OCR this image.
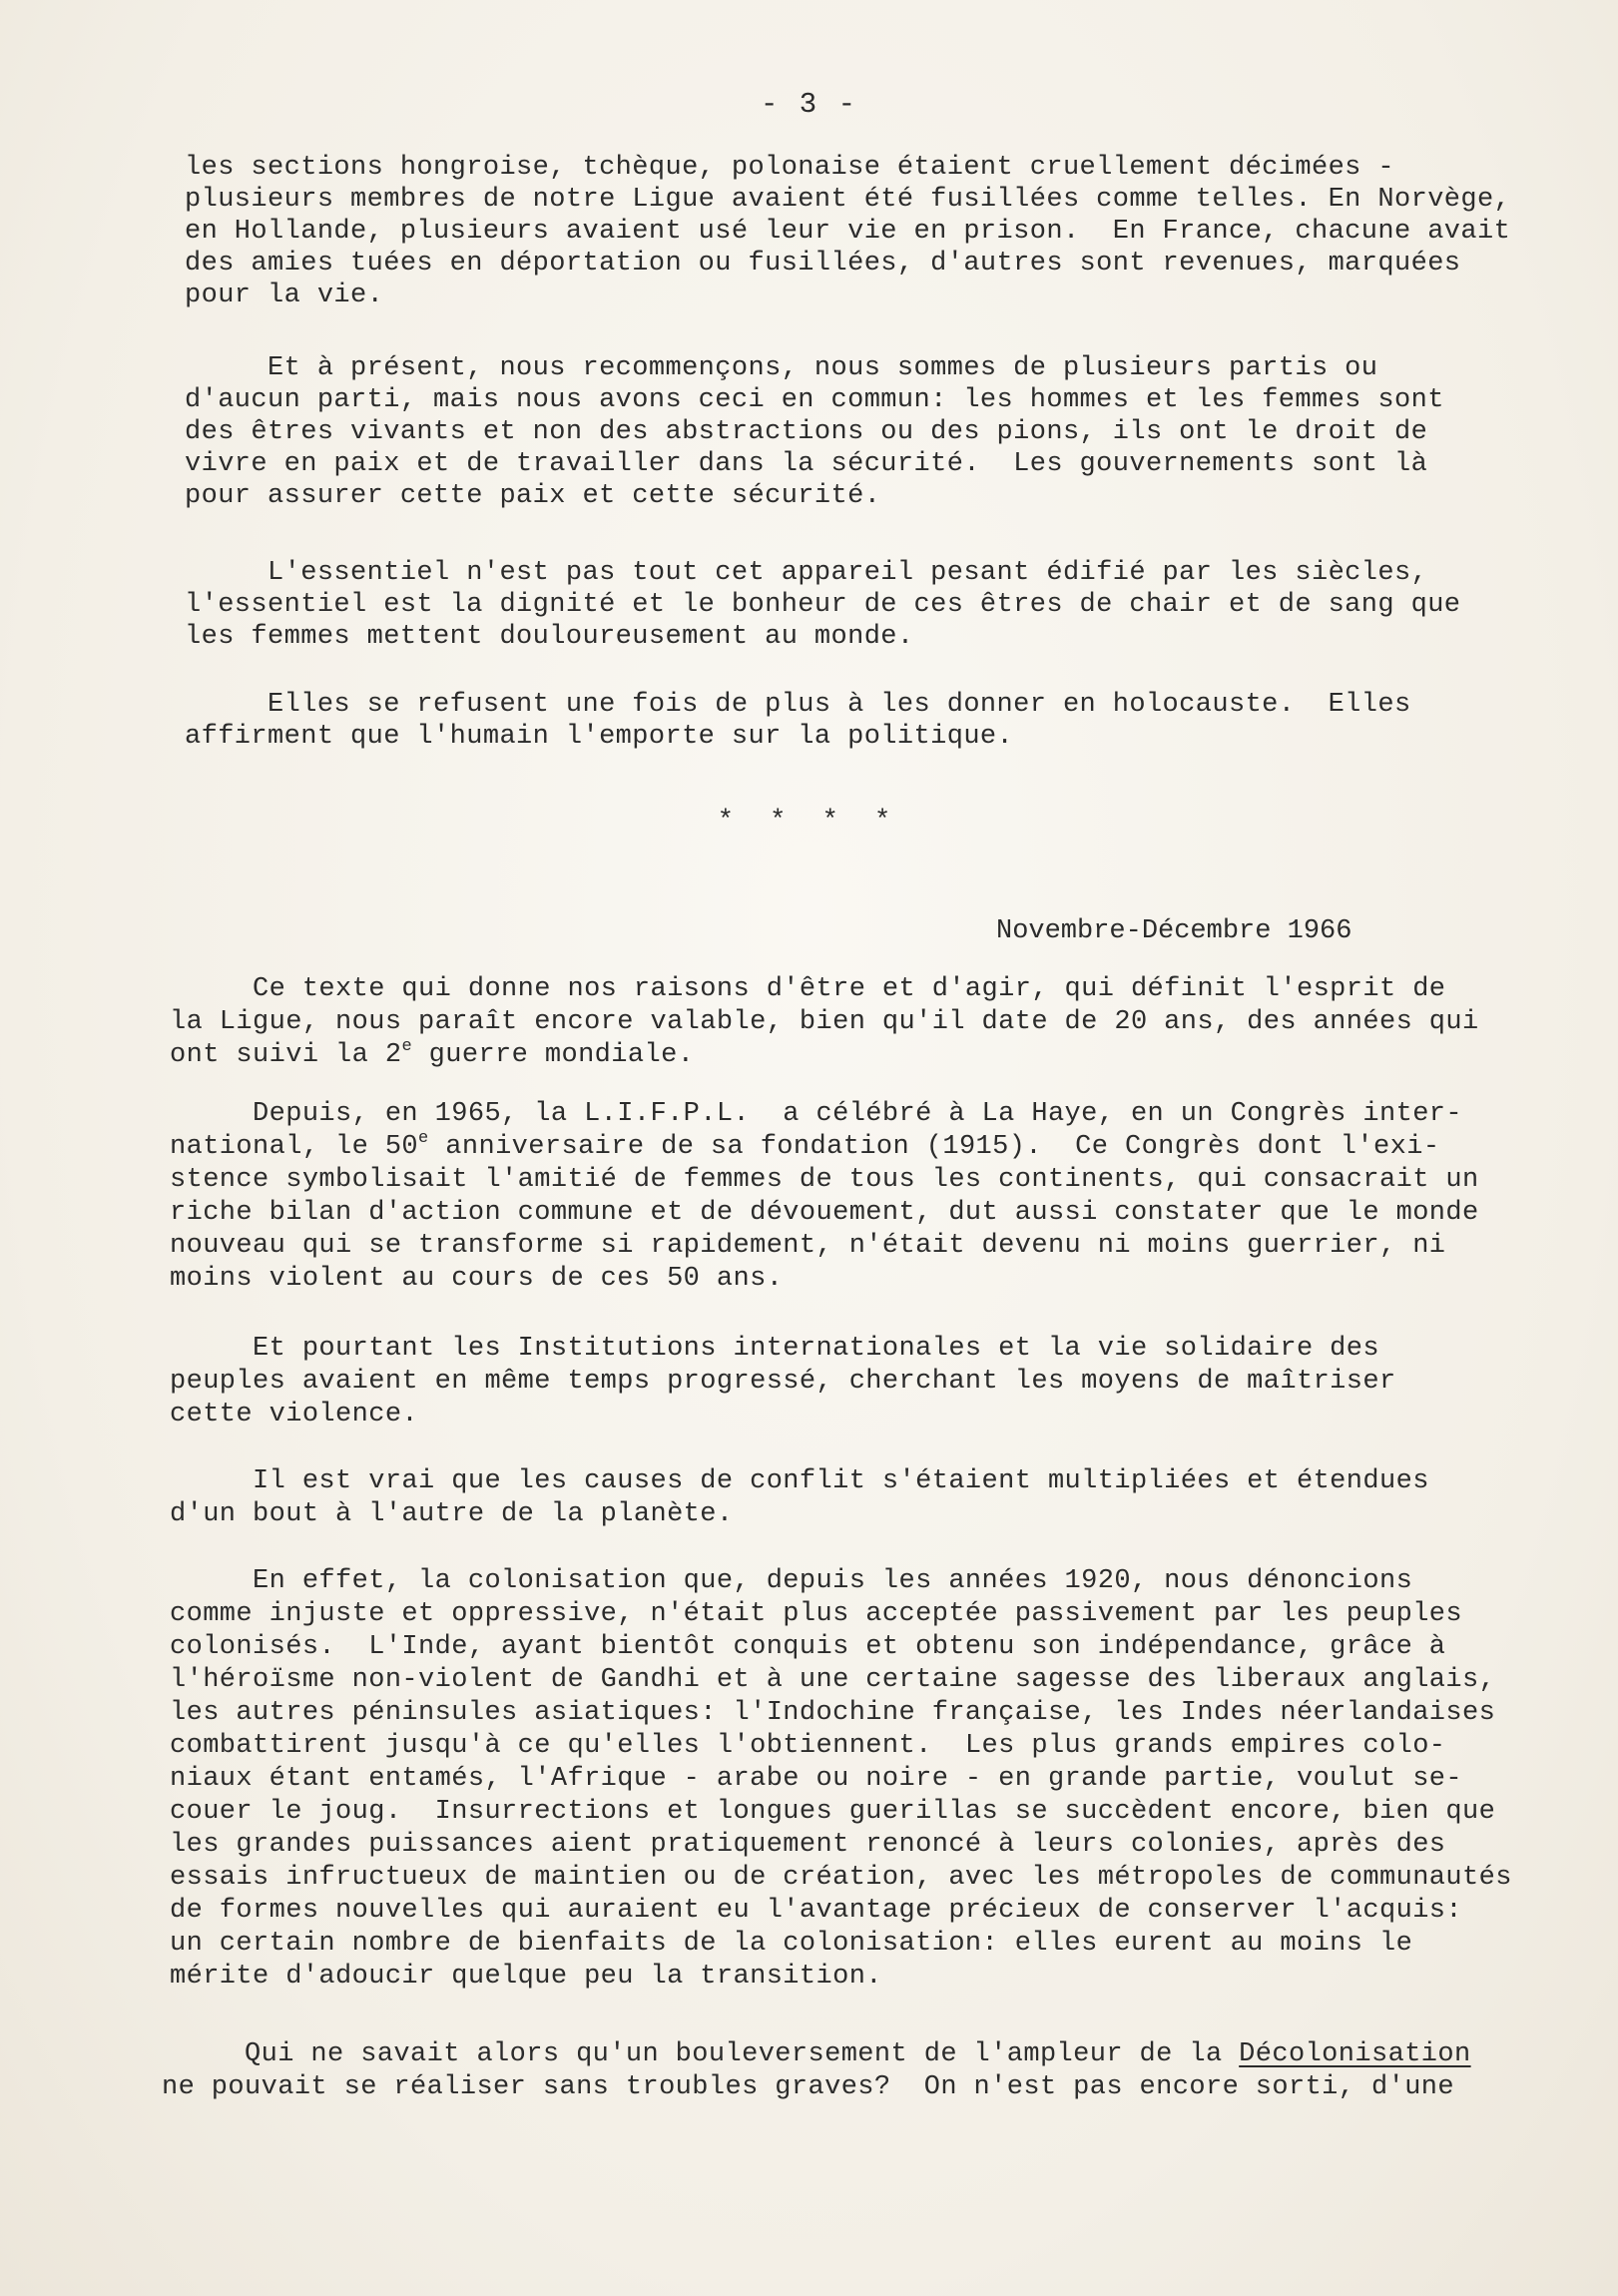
- 3 -
les sections hongroise, tchèque, polonaise étaient cruellement décimées -
plusieurs membres de notre Ligue avaient été fusillées comme telles. En Norvège,
en Hollande, plusieurs avaient usé leur vie en prison.  En France, chacune avait
des amies tuées en déportation ou fusillées, d'autres sont revenues, marquées
pour la vie.
Et à présent, nous recommençons, nous sommes de plusieurs partis ou
d'aucun parti, mais nous avons ceci en commun: les hommes et les femmes sont
des êtres vivants et non des abstractions ou des pions, ils ont le droit de
vivre en paix et de travailler dans la sécurité.  Les gouvernements sont là
pour assurer cette paix et cette sécurité.
L'essentiel n'est pas tout cet appareil pesant édifié par les siècles,
l'essentiel est la dignité et le bonheur de ces êtres de chair et de sang que
les femmes mettent douloureusement au monde.
Elles se refusent une fois de plus à les donner en holocauste.  Elles
affirment que l'humain l'emporte sur la politique.
* * * *
Novembre-Décembre 1966
Ce texte qui donne nos raisons d'être et d'agir, qui définit l'esprit de
la Ligue, nous paraît encore valable, bien qu'il date de 20 ans, des années qui
ont suivi la 2e guerre mondiale.
Depuis, en 1965, la L.I.F.P.L.  a célébré à La Haye, en un Congrès inter-
national, le 50e anniversaire de sa fondation (1915).  Ce Congrès dont l'exi-
stence symbolisait l'amitié de femmes de tous les continents, qui consacrait un
riche bilan d'action commune et de dévouement, dut aussi constater que le monde
nouveau qui se transforme si rapidement, n'était devenu ni moins guerrier, ni
moins violent au cours de ces 50 ans.
Et pourtant les Institutions internationales et la vie solidaire des
peuples avaient en même temps progressé, cherchant les moyens de maîtriser
cette violence.
Il est vrai que les causes de conflit s'étaient multipliées et étendues
d'un bout à l'autre de la planète.
En effet, la colonisation que, depuis les années 1920, nous dénoncions
comme injuste et oppressive, n'était plus acceptée passivement par les peuples
colonisés.  L'Inde, ayant bientôt conquis et obtenu son indépendance, grâce à
l'héroïsme non-violent de Gandhi et à une certaine sagesse des liberaux anglais,
les autres péninsules asiatiques: l'Indochine française, les Indes néerlandaises
combattirent jusqu'à ce qu'elles l'obtiennent.  Les plus grands empires colo-
niaux étant entamés, l'Afrique - arabe ou noire - en grande partie, voulut se-
couer le joug.  Insurrections et longues guerillas se succèdent encore, bien que
les grandes puissances aient pratiquement renoncé à leurs colonies, après des
essais infructueux de maintien ou de création, avec les métropoles de communautés
de formes nouvelles qui auraient eu l'avantage précieux de conserver l'acquis:
un certain nombre de bienfaits de la colonisation: elles eurent au moins le
mérite d'adoucir quelque peu la transition.
Qui ne savait alors qu'un bouleversement de l'ampleur de la Décolonisation
ne pouvait se réaliser sans troubles graves?  On n'est pas encore sorti, d'une
